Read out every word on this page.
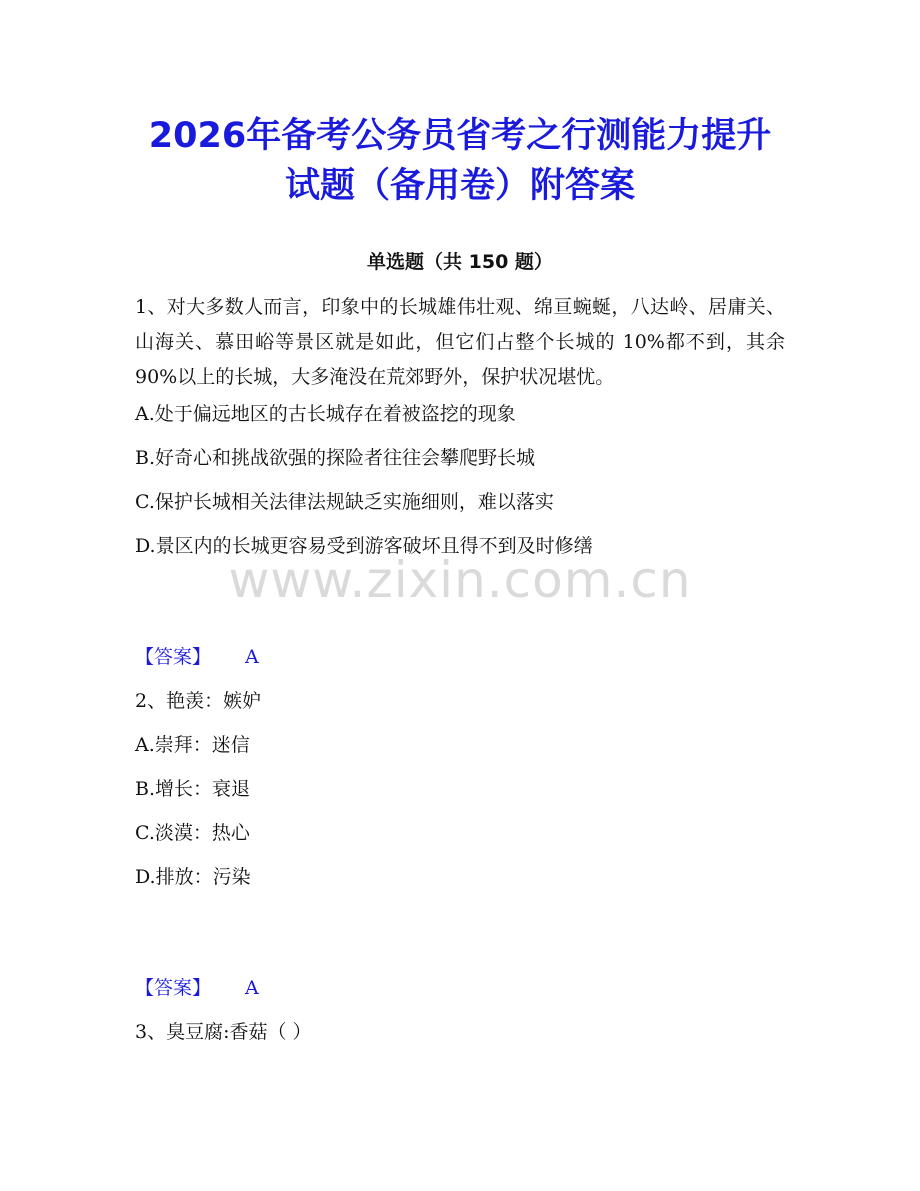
2026年备考公务员省考之行测能力提升
试题（备用卷）附答案
单选题（共 150 题）

1、对大多数人而言，印象中的长城雄伟壮观、绵亘蜿蜒，八达岭、居庸关、山海关、慕田峪等景区就是如此，但它们占整个长城的 10%都不到，其余 90%以上的长城，大多淹没在荒郊野外，保护状况堪忧。

A.处于偏远地区的古长城存在着被盗挖的现象
B.好奇心和挑战欲强的探险者往往会攀爬野长城
C.保护长城相关法律法规缺乏实施细则，难以落实
D.景区内的长城更容易受到游客破坏且得不到及时修缮
www.zixin.com.cn
【答案】 A
2、艳羡：嫉妒
A.崇拜：迷信
B.增长：衰退
C.淡漠：热心
D.排放：污染
【答案】 A
3、臭豆腐:香菇（ ）
